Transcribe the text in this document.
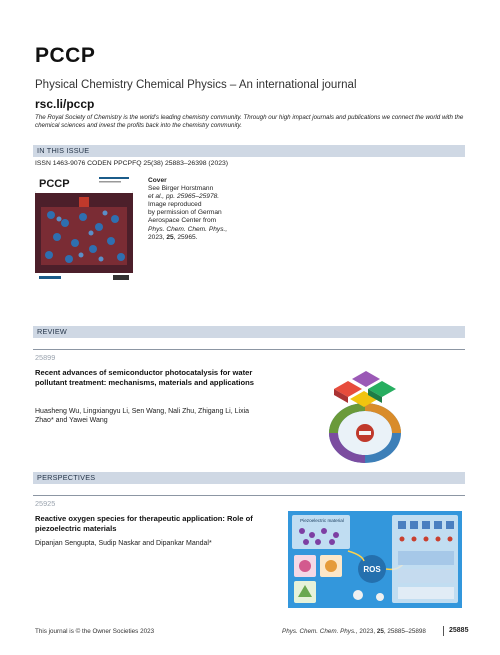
PCCP
Physical Chemistry Chemical Physics – An international journal
rsc.li/pccp
The Royal Society of Chemistry is the world’s leading chemistry community. Through our high impact journals and publications we connect the world with the chemical sciences and invest the profits back into the chemistry community.
IN THIS ISSUE
ISSN 1463-9076 CODEN PPCPFQ 25(38) 25883–26398 (2023)
PCCP	Cover
See Birger Horstmann
et al., pp. 25965–25978.
Image reproduced
by permission of German
Aerospace Center from
Phys. Chem. Chem. Phys.,
2023, 25, 25965.
REVIEW
25899
Recent advances of semiconductor photocatalysis for water pollutant treatment: mechanisms, materials and applications
Huasheng Wu, Lingxiangyu Li, Sen Wang, Nali Zhu, Zhigang Li, Lixia Zhao* and Yawei Wang
PERSPECTIVES
25925
Reactive oxygen species for therapeutic application: Role of piezoelectric materials
Dipanjan Sengupta, Sudip Naskar and Dipankar Mandal*
Piezoelectric material
ROS
This journal is © the Owner Societies 2023	Phys. Chem. Chem. Phys., 2023, 25, 25885–25898	25885
